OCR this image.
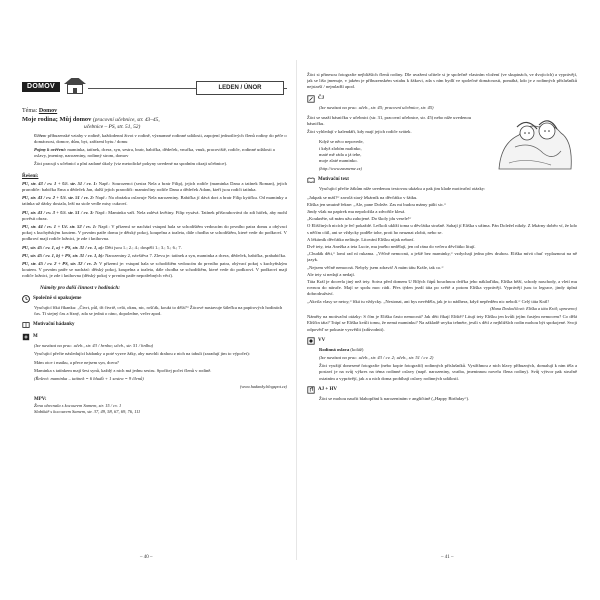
DOMOV	LEDEN / ÚNOR
Téma: Domov
Moje rodina; Můj domov (pracovní učebnice, str. 43–45,
učebnice – PS, str. 51, 52)

Učivo: příbuzenské vztahy v rodině, každodenní život v rodině, významné rodinné události, zapojení jednotlivých členů rodiny do péče o domácnost, domov, dům, byt, zařízení bytu / domu

Pojmy k ověření: maminka, tatínek, dcera, syn, sestra, bratr, babička, dědeček, vnučka, vnuk, pracoviště, rodiče, rodinné události a oslavy, jmeniny, narozeniny, rodinný strom, domov

Žáci pracují s učebnicí a plní zadané úkoly (viz metodické pokyny uvedené na spodním okraji učebnice).

Řešení:

PU, str. 43 / cv. 1 + Uč. str. 51 / cv. 1: Např.: Sourozenci (sestra Nela a bratr Filip), jejich rodiče (maminka Dana a tatínek Roman), jejich prarodiče: babička Ema a dědeček Jan, další jejich prarodiči: maminčiny rodiče Dana a dědeček Adam, kteří jsou rodiči tatínka.

PU, str. 43 / cv. 2 + Uč. str. 51 / cv. 2: Např.: Na obrázku oslavuje Nela narozeniny. Babička jí dává dort a bratr Filip kytičku. Od maminky a tatínka už dárky dostala, leží na stole vedle misy cukroví.

PU, str. 43 / cv. 3 + Uč. str. 51 / cv. 3: Např.: Maminka vaří. Nela zalévá květiny. Filip vysává. Tatínek přišroubovává do zdi háček, aby mohl pověsit obraz.

PU, str. 44 / cv. 1 + Uč. str. 52 / cv. 1: Např.: V přízemí se nachází vstupní hala se schodištěm vedoucím do prvního patra domu a obývací pokoj s kuchyňským koutem. V prvním patře domu je dětský pokoj, koupelna a toaleta, dále chodba se schodištěm, které vede do podkroví. V podkroví mají rodiče ložnici, je zde i knihovna.

PU, str. 45 / cv. 1, a) + PS, str. 31 / cv. 1, a): Děti jsou 1.; 2.; 4.; dospělí 1.; 3.; 5.; 6.; 7.

PU, str. 45 / cv. 1, b) + PS, str. 31 / cv. 1, b): Narozeniny 2, návštěva 7. Zlevu je: tatínek a syn, maminka a dcera, dědeček, babička, prababička.

PU, str. 45 / cv. 2 + PS, str. 32 / cv. 2: V přízemí je: vstupní hala se schodištěm vedoucím do prvního patra, obývací pokoj s kuchyňským koutem. V prvním patře se nachází: dětský pokoj, koupelna a toaleta, dále chodba se schodištěm, které vede do podkroví. V podkroví mají rodiče ložnici, je zde i knihovna (dětský pokoj v prvním patře nepotřebných věcí).

Náměty pro další činnost v hodinách:
Společně si opakujeme

Vyučující říká říkanku: „Čtvrt, půl, tři čtvrtě, celá, oknu, nic, rošťák, koukt to dělá?“ Žácové nastavuje šálečku na papírových hodinách čas. Tí stejný čas a řízný, zda se jedná o ráno, dopoledne, večer apod.

Motivační hádanky
M

(lze navázat na prac. učeb., str. 43 / hrnba; učeb., str. 51 / hnlbu)

Vyučující přečte následující hádanky a poté vyzve žáky, aby navrhli drahou z nich na tabuli (zaradují jim to výpočet):

Mám otce i matku, a přece nejsem syn, dcera?

Maminka s tatínkem mají šest synů, každý z nich má jednu sestru. Spočítej počet členů v rodině.

(Řešení: maminka – tatínek = 6 bludů + 1 sestra = 9 členů)

(www.hadanky.blogspot.cz)
MPV:
Žena obecnala s kocourem Samem, str. 15 / cv. 1
Slabikář s kocourem Samem, str. 37, 49, 58, 67, 69, 76, 111

Žáci si přinesou fotografie nejbližších členů rodiny. Dle uvažení učitele si je společně vlastním vložení (ve skupinách, ve dvojicích) a vyprávějí, jak se lišo jmenuje, v jakém je příbuzenském vztahu k žákovi, zda s ním bydlí ve společné domácnosti, pomáhá, kdo je z rodinných příslušníků nejstarší / nejmladší apod.

ČJ

(lze navázat na prac. učeb., str. 45; pracovní učebnice, str. 45)

Žáci se snaží básničku v učebnici (str. 31, pracovní učebnice, str. 45) nebo níže uvedenou básničku.

Žáci vyhledají v kalendáři, kdy mají jejich rodiče svátek.

Když se něco nepovede,
i když zlobím malinko,
maté mě ráda a já tebe,
moje zlaté maminko.
(http://www.zasmeme.cz)
Motivační text

Vyučující přečte žákům níže uvedenou textovou ukázku a pak jim klade motivační otázky:

„Jakpak se máš?“ zavolá starý lékárník na děvčátko v šátku.

Eliška jen smutně řekne: „Ale, pane Doleže. Zas mi budou mámy pálit sic.“

Jindy však na papírek mu nepoložila a zdvořile klesá.

„Koukněte, už mám užu zahojené. Do školy jdu vesele!“

O Eliščiných nicích je řeč pokaždé. Lečkoli uklíží toma u děvčátka strašně. Sahají jí Eliška s užima. Pán Doležel nikdy. Z lékárny doběo ví, že kdo s něčím cítíl, ani se vždycky poděle tohe, proti ho neuznat zlobit, nebo se.

A lékárník děvčátko nelituje. Litování Elišku nijak nebaví.

Dvě tety, teta Anežka a teta Lucie, mu jmého nedělají, jen od rána do večera děvčátko litují.

„Chudák děti,“ lomí rad ní rukama. „Věčně nemocná, a ještě bez maminky,“ vzdychají jedna přes druhou. Eliška mívá chuť vyplaznout na ně jazyk.

„Nejsem věčně nemocná. Nebyly jsem zdravá! A mám tátu Krále, tak co.“

Ale tety si nedají a nedají.

Táta Král je doceela jiný než tety. Sotva před domem U Bílých čápů bouchnou dvířka jeho náklaďáku, Eliška běží, schody naschody, a vletí mu rovnou do náruče. Mají se spolu moc rádi. Přes týden jezdí táta po světě a potom Eliška vyprávějí. Vyprávějí jsou to legrace, jindy úplná dobrodružství.

„Akvila vlasy se netoy,“ říká tu vždycky. „Nestonat, ani bys nevěděla, jak je to nádhera, když nepředěm nic nebolí.“ Celý táta Král!

(Hana Doskočilová: Eliška a táta Král; upraveno)

Náměty na motivační otázky: S čím je Eliška často nemocná? Jak děti říkají Eliště? Litují tety Elišku jen kvůli jejím častým nemocem? Co dělá Eliščin táta? Trápí se Eliška kvůli tomu, že nemá maminku? Na základě uvyku tehnéte, jestli s dětí z nejbližších rodin mohou být spokojené. Svoji odpověď se pokuste vysvětlit (zdůvodnit).

VV

Rodinná oslava (koláž)

(lze navázat na prac. učeb., str. 43 / cv. 2; učeb., str. 51 / cv. 2)

Žáci využijí donesené fotografie (nebo kopie fotografií) rodinných příslušníků. Vystřihnou z nich hlavy příbuzných, domalují k nim těla a postaví je na svůj výkres na téma rodinné oslavy (např. narozeniny, svatba, jmeninnou novelu člena rodiny). Svůj výtvor pak stručně ostatním a vyprávějí, jak a u nich doma probíhají oslavy rodinných událostí.

AJ + HV

Žáci se mohou naučit blahopřání k narozeninám v angličtině („Happy Birthday“).

– 40 –	– 41 –
